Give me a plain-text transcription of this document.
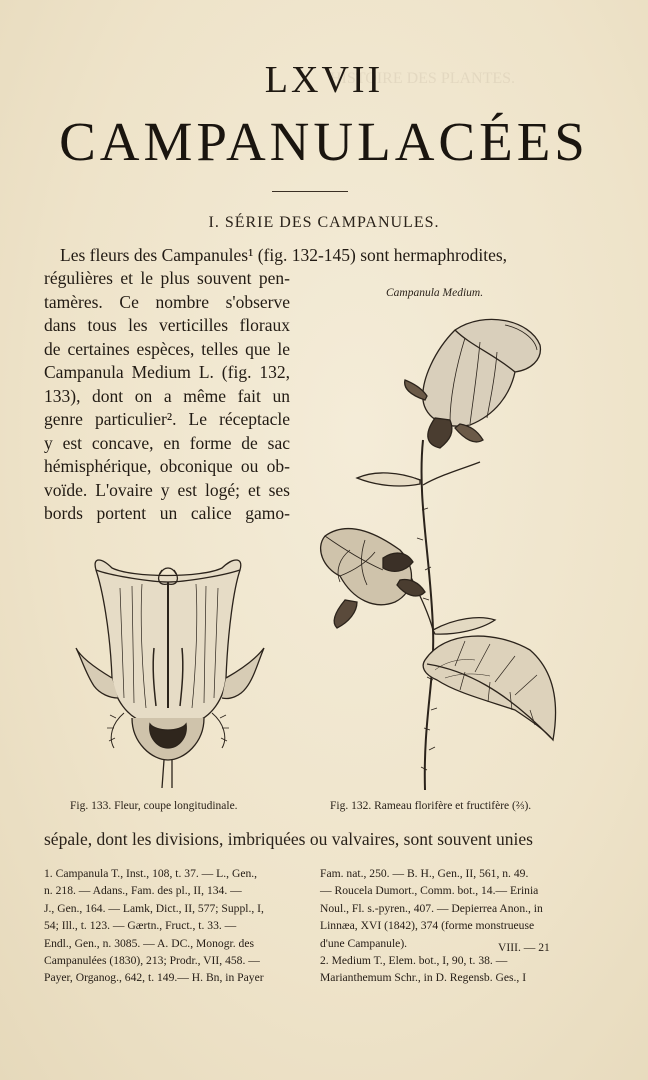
HISTOIRE DES PLANTES.
LXVII
CAMPANULACÉES
I. SÉRIE DES CAMPANULES.
Les fleurs des Campanules¹ (fig. 132-145) sont hermaphrodites,
régulières et le plus souvent pen-
tamères. Ce nombre s'observe
dans tous les verticilles floraux
de certaines espèces, telles que le
Campanula Medium L. (fig. 132,
133), dont on a même fait un
genre particulier². Le réceptacle
y est concave, en forme de sac
hémisphérique, obconique ou ob-
voïde. L'ovaire y est logé; et ses
bords portent un calice gamo-
Campanula Medium.
Fig. 133. Fleur, coupe longitudinale.	Fig. 132. Rameau florifère et fructifère (⅔).
sépale, dont les divisions, imbriquées ou valvaires, sont souvent unies
1. Campanula T., Inst., 108, t. 37. — L., Gen.,
n. 218. — Adans., Fam. des pl., II, 134. —
J., Gen., 164. — Lamk, Dict., II, 577; Suppl., I,
54; Ill., t. 123. — Gærtn., Fruct., t. 33. —
Endl., Gen., n. 3085. — A. DC., Monogr. des
Campanulées (1830), 213; Prodr., VII, 458. —
Payer, Organog., 642, t. 149.— H. Bn, in Payer
Fam. nat., 250. — B. H., Gen., II, 561, n. 49.
— Roucela Dumort., Comm. bot., 14.— Erinia
Noul., Fl. s.-pyren., 407. — Depierrea Anon., in
Linnæa, XVI (1842), 374 (forme monstrueuse
d'une Campanule).
2. Medium T., Elem. bot., I, 90, t. 38. —
Marianthemum Schr., in D. Regensb. Ges., I
VIII. — 21
